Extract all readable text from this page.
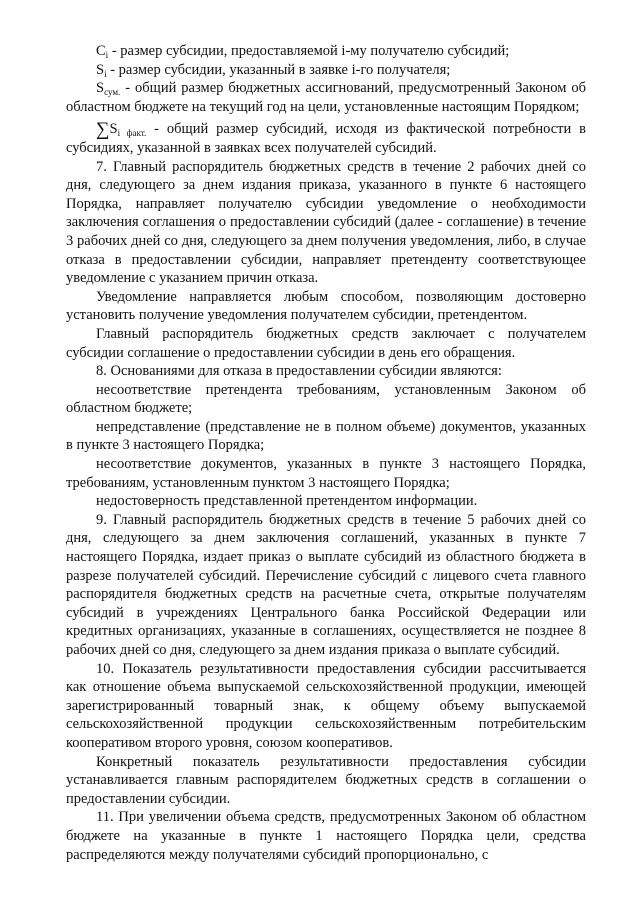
$C_i$ - размер субсидии, предоставляемой i-му получателю субсидий;

$S_i$ - размер субсидии, указанный в заявке i-го получателя;

$S_{сум.}$ - общий размер бюджетных ассигнований, предусмотренный Законом об областном бюджете на текущий год на цели, установленные настоящим Порядком;

$\sum S_{i факт.}$ - общий размер субсидий, исходя из фактической потребности в субсидиях, указанной в заявках всех получателей субсидий.

7. Главный распорядитель бюджетных средств в течение 2 рабочих дней со дня, следующего за днем издания приказа, указанного в пункте 6 настоящего Порядка, направляет получателю субсидии уведомление о необходимости заключения соглашения о предоставлении субсидий (далее - соглашение) в течение 3 рабочих дней со дня, следующего за днем получения уведомления, либо, в случае отказа в предоставлении субсидии, направляет претенденту соответствующее уведомление с указанием причин отказа.

Уведомление направляется любым способом, позволяющим достоверно установить получение уведомления получателем субсидии, претендентом.

Главный распорядитель бюджетных средств заключает с получателем субсидии соглашение о предоставлении субсидии в день его обращения.

8. Основаниями для отказа в предоставлении субсидии являются:

несоответствие претендента требованиям, установленным Законом об областном бюджете;

непредставление (представление не в полном объеме) документов, указанных в пункте 3 настоящего Порядка;

несоответствие документов, указанных в пункте 3 настоящего Порядка, требованиям, установленным пунктом 3 настоящего Порядка;

недостоверность представленной претендентом информации.

9. Главный распорядитель бюджетных средств в течение 5 рабочих дней со дня, следующего за днем заключения соглашений, указанных в пункте 7 настоящего Порядка, издает приказ о выплате субсидий из областного бюджета в разрезе получателей субсидий. Перечисление субсидий с лицевого счета главного распорядителя бюджетных средств на расчетные счета, открытые получателям субсидий в учреждениях Центрального банка Российской Федерации или кредитных организациях, указанные в соглашениях, осуществляется не позднее 8 рабочих дней со дня, следующего за днем издания приказа о выплате субсидий.

10. Показатель результативности предоставления субсидии рассчитывается как отношение объема выпускаемой сельскохозяйственной продукции, имеющей зарегистрированный товарный знак, к общему объему выпускаемой сельскохозяйственной продукции сельскохозяйственным потребительским кооперативом второго уровня, союзом кооперативов.

Конкретный показатель результативности предоставления субсидии устанавливается главным распорядителем бюджетных средств в соглашении о предоставлении субсидии.

11. При увеличении объема средств, предусмотренных Законом об областном бюджете на указанные в пункте 1 настоящего Порядка цели, средства распределяются между получателями субсидий пропорционально, с
